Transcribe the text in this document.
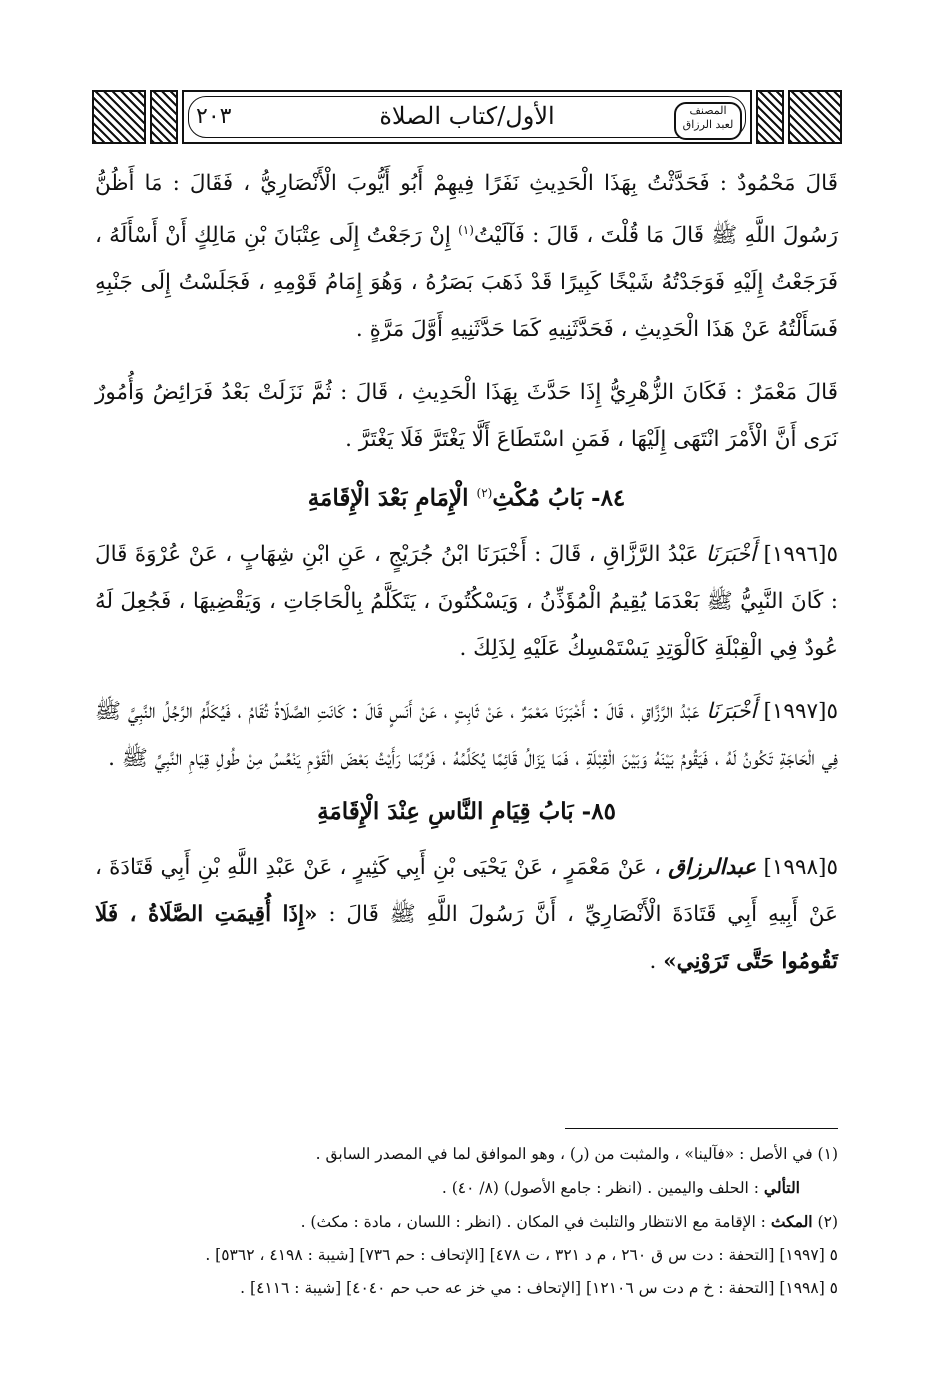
المصنف
لعبد الرزاق
الأول/كتاب الصلاة
٢٠٣

قَالَ مَحْمُودٌ : فَحَدَّثْتُ بِهَذَا الْحَدِيثِ نَفَرًا فِيهِمْ أَبُو أَيُّوبَ الْأَنْصَارِيُّ ، فَقَالَ : مَا أَظُنُّ رَسُولَ اللَّهِ ﷺ قَالَ مَا قُلْتَ ، قَالَ : فَآلَيْتُ$^{(١)}$ إِنْ رَجَعْتُ إِلَى عِتْبَانَ بْنِ مَالِكٍ أَنْ أَسْأَلَهُ ، فَرَجَعْتُ إِلَيْهِ فَوَجَدْتُهُ شَيْخًا كَبِيرًا قَدْ ذَهَبَ بَصَرُهُ ، وَهُوَ إِمَامُ قَوْمِهِ ، فَجَلَسْتُ إِلَى جَنْبِهِ فَسَأَلْتُهُ عَنْ هَذَا الْحَدِيثِ ، فَحَدَّثَنِيهِ كَمَا حَدَّثَنِيهِ أَوَّلَ مَرَّةٍ .

قَالَ مَعْمَرٌ : فَكَانَ الزُّهْرِيُّ إِذَا حَدَّثَ بِهَذَا الْحَدِيثِ ، قَالَ : ثُمَّ نَزَلَتْ بَعْدُ فَرَائِضُ وَأُمُورٌ نَرَى أَنَّ الْأَمْرَ انْتَهَى إِلَيْهَا ، فَمَنِ اسْتَطَاعَ أَلَّا يَغْتَرَّ فَلَا يَغْتَرَّ .

٨٤- بَابُ مُكْثِ$^{(٢)}$ الْإِمَامِ بَعْدَ الْإِقَامَةِ

٥[١٩٩٦] أَخْبَرَنَا عَبْدُ الرَّزَّاقِ ، قَالَ : أَخْبَرَنَا ابْنُ جُرَيْجٍ ، عَنِ ابْنِ شِهَابٍ ، عَنْ عُرْوَةَ قَالَ : كَانَ النَّبِيُّ ﷺ بَعْدَمَا يُقِيمُ الْمُؤَذِّنُ ، وَيَسْكُتُونَ ، يَتَكَلَّمُ بِالْحَاجَاتِ ، وَيَقْضِيهَا ، فَجُعِلَ لَهُ عُودٌ فِي الْقِبْلَةِ كَالْوَتِدِ يَسْتَمْسِكُ عَلَيْهِ لِذَلِكَ .

٥[١٩٩٧] أَخْبَرَنَا عَبْدُ الرَّزَّاقِ ، قَالَ : أَخْبَرَنَا مَعْمَرٌ ، عَنْ ثَابِتٍ ، عَنْ أَنَسٍ قَالَ : كَانَتِ الصَّلَاةُ تُقَامُ ، فَيُكَلِّمُ الرَّجُلُ النَّبِيَّ ﷺ فِي الْحَاجَةِ تَكُونُ لَهُ ، فَيَقُومُ بَيْنَهُ وَبَيْنَ الْقِبْلَةِ ، فَمَا يَزَالُ قَائِمًا يُكَلِّمُهُ ، فَرُبَّمَا رَأَيْتُ بَعْضَ الْقَوْمِ يَنْعُسُ مِنْ طُولِ قِيَامِ النَّبِيِّ ﷺ .

٨٥- بَابُ قِيَامِ النَّاسِ عِنْدَ الْإِقَامَةِ

٥[١٩٩٨] عبدالرزاق ، عَنْ مَعْمَرٍ ، عَنْ يَحْيَى بْنِ أَبِي كَثِيرٍ ، عَنْ عَبْدِ اللَّهِ بْنِ أَبِي قَتَادَةَ ، عَنْ أَبِيهِ أَبِي قَتَادَةَ الْأَنْصَارِيِّ ، أَنَّ رَسُولَ اللَّهِ ﷺ قَالَ : «إِذَا أُقِيمَتِ الصَّلَاةُ ، فَلَا تَقُومُوا حَتَّى تَرَوْنِي» .

(١) في الأصل : «فآلينا» ، والمثبت من (ر) ، وهو الموافق لما في المصدر السابق .

التألي : الحلف واليمين . (انظر : جامع الأصول) (٨/ ٤٠) .

(٢) المكث : الإقامة مع الانتظار والتلبث في المكان . (انظر : اللسان ، مادة : مكث) .

٥ [١٩٩٧] [التحفة : دت س ق ٢٦٠ ، م د ٣٢١ ، ت ٤٧٨] [الإتحاف : حم ٧٣٦] [شيبة : ٤١٩٨ ، ٥٣٦٢] .

٥ [١٩٩٨] [التحفة : خ م دت س ١٢١٠٦] [الإتحاف : مي خز عه حب حم ٤٠٤٠] [شيبة : ٤١١٦] .
